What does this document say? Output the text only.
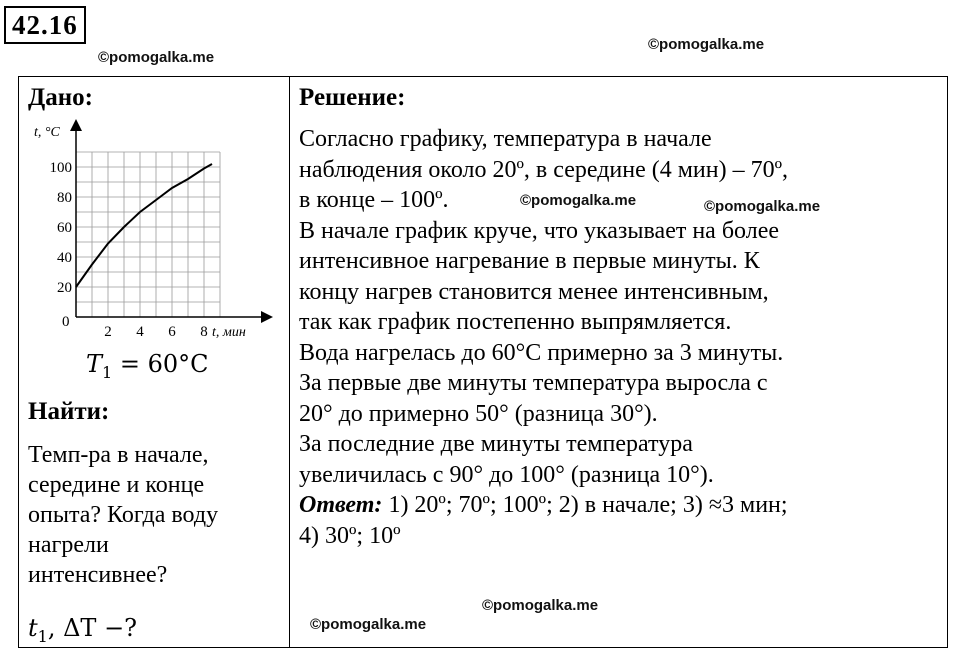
42.16
©pomogalka.me
©pomogalka.me
©pomogalka.me	©pomogalka.me
©pomogalka.me
©pomogalka.me
Дано:
t, °C
t, мин
0
2 4 6 8
20
40
60
80
100
$T_1 = 60^\circ C$
Найти:
Темп-ра в начале,
середине и конце
опыта? Когда воду
нагрели
интенсивнее?
$t_1$, ΔT −?
Решение:

Согласно графику, температура в начале

наблюдения около 20º, в середине (4 мин) – 70º,

в конце – 100º.

В начале график круче, что указывает на более

интенсивное нагревание в первые минуты. К

концу нагрев становится менее интенсивным,

так как график постепенно выпрямляется.

Вода нагрелась до 60°C примерно за 3 минуты.

За первые две минуты температура выросла с

20° до примерно 50° (разница 30°).

За последние две минуты температура

увеличилась с 90° до 100° (разница 10°).

Ответ: 1) 20º; 70º; 100º; 2) в начале; 3) ≈3 мин;

4) 30º; 10º
